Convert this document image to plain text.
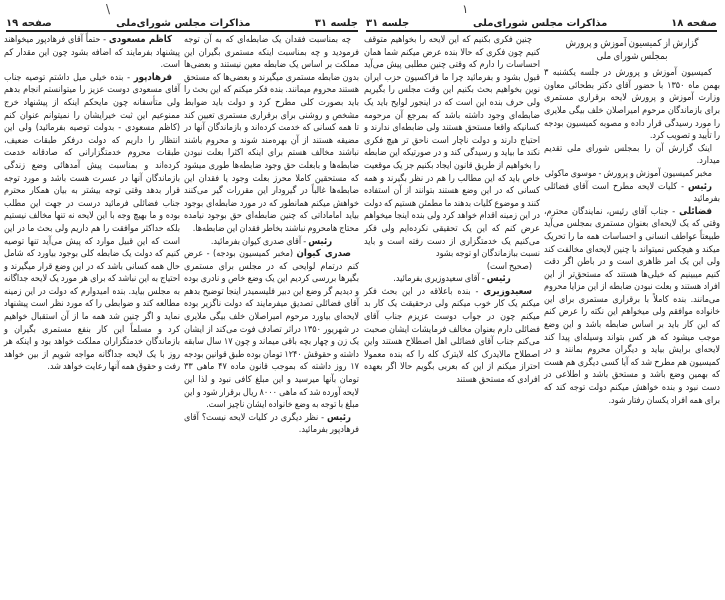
\	۱
جلسه ۳۱
مذاکرات مجلس شورای‌ملی
صفحه ۱۹

چه بمناسبت فقدان یک ضابطه‌ای که به آن توجه فرمودید و چه بمناسبت اینکه مستمری بگیران این مملکت بر اساس یک ضابطه معین نیستند و بعضی‌ها بدون ضابطه مستمری میگیرند و بعضی‌ها که مستحق هستند محروم میمانند. بنده فکر میکنم که این بحث را باید بصورت کلی مطرح کرد و دولت باید ضوابط مشخص و روشنی برای برقراری مستمری تعیین کند تا همه کسانی که خدمت کرده‌اند و بازماندگان آنها در مضیقه هستند از آن بهره‌مند شوند و محروم باشند نباشند مخالف هستم برای اینکه اکثرا بعلت نبودن ضابطه‌ها و بابعلت حق وجود ضابطه‌ها طوری میشود که مستحقین کاملا محرز بعلت وجود یا فقدان این ضابطه‌ها غالباً در گیرودار این مقررات گیر می‌کنند خواهش میکنم همانطور که در مورد ضابطه‌ای بوجود بیاید اماماداتی که چنین ضابطه‌ای حق بوجود نیامده محتاج هامحروم نباشند بخاطر فقدان این ضابطه‌ها.

رئیس - آقای صدری کیوان بفرمائید.

صدری کیوان (مخبر کمیسیون بودجه) - عرض کنم درتمام لوایحی که در مجلس برای مستمری بگیرها بررسی کردیم این یک وضع خاص و نادری بوده و دیدیم گر وضع این دبیر فلیسمیدر اینجا توضیح بدهم آقای فضائلی تصدیق میفرمایند که دولت ناگزیر بوده لایحه‌ای بیاورد مرحوم امیراصلان خلف بیگی ملایری در شهریور ۱۳۵۰ دراثر تصادف فوت می‌کند از ایشان یک زن و چهار بچه باقی میماند و چون ۱۷ سال سابقه داشته و حقوقش ۱۲۴۰ تومان بوده طبق قوانین بودجه ۱۷ روز داشته که بموجب قانون ماده ۴۷ ماهی ۳۳ تومان بآنها میرسید و این مبلغ کافی نبود و لذا این لایحه آورده شد که ماهی ۸۰۰۰ ریال برقرار شود و این مبلغ با توجه به وضع خانواده ایشان ناچیز است.

رئیس - نظر دیگری در کلیات لایحه نیست؟ آقای فرهادپور بفرمائید.

کاظم مسعودی - حتماً آقای فرهادپور میخواهند پیشنهاد بفرمایند که اضافه بشود چون این مقدار کم است.

فرهادپور - بنده خیلی میل داشتم توصیه جناب آقای مسعودی دوست عزیز را میتوانستم انجام بدهم ولی متأسفانه چون مایحکم اینکه از پیشنهاد خرج ممنوعیم این ثبت خیرایشان را نمیتوانم عنوان کنم (کاظم مسعودی - بدولت توصیه بفرمائید) ولی این انتظار را داریم که دولت درفکر طبقات ضعیف، طبقات محروم خدمتگزارانی که صادقانه خدمت کرده‌اند و بمناسبت پیش آمدهائی وضع زندگی بازماندگان آنها در عسرت هست باشد و مورد توجه قرار بدهد وقتی توجه بیشتر به بیان همکار محترم جناب فضائلی فرمائید درست در جهت این مطلب بوده و ما بهیچ وجه با این لایحه نه تنها مخالف نیستیم بلکه حداکثر موافقت را هم داریم ولی بحث ما در این است که این قبیل موارد که پیش می‌آید تنها توصیه کنیم که دولت یک ضابطه کلی بوجود بیاورد که شامل حال همه کسانی باشد که در این وضع قرار میگیرند و احتیاج به این نباشد که برای هر مورد یک لایحه جداگانه به مجلس بیاید. بنده امیدوارم که دولت در این زمینه مطالعه کند و ضوابطی را که مورد نظر است پیشنهاد نماید و اگر چنین شد همه ما از آن استقبال خواهیم کرد و مسلماً این کار بنفع مستمری بگیران و بازماندگان خدمتگزاران مملکت خواهد بود و اینکه هر روز با یک لایحه جداگانه مواجه شویم از بین خواهد رفت و حقوق همه آنها رعایت خواهد شد.

صفحه ۱۸
مذاکرات مجلس شورای‌ملی
جلسه ۳۱

گزارش از کمیسیون آموزش و پرورش

بمجلس شورای ملی

کمیسیون آموزش و پرورش در جلسه یکشنبه ۳ بهمن ماه ۱۳۵۰ با حضور آقای دکتر بطحائی معاون وزارت آموزش و پرورش لایحه برقراری مستمری برای بازماندگان مرحوم امیراصلان خلف بیگی ملایری را مورد رسیدگی قرار داده و مصوبه کمیسیون بودجه را تأیید و تصویب کرد.

اینک گزارش آن را بمجلس شورای ملی تقدیم میدارد.

مخبر کمیسیون آموزش و پرورش - موسوی ماکوئی

رئیس - کلیات لایحه مطرح است آقای فضائلی بفرمائید

فضائلی - جناب آقای رئیس، نمایندگان محترم، وقتی که یک لایحه‌ای بعنوان مستمری بمجلس می‌آید طبیعتاً عواطف انسانی و احساسات همه ما را تحریک میکند و هیچکس نمیتواند با چنین لایحه‌ای مخالفت کند ولی این یک امر ظاهری است و در باطن اگر دقت کنیم میبینیم که خیلی‌ها هستند که مستحق‌تر از این افراد هستند و بعلت نبودن ضابطه از این مزایا محروم می‌مانند. بنده کاملاً با برقراری مستمری برای این خانواده موافقم ولی میخواهم این نکته را عرض کنم که این کار باید بر اساس ضابطه باشد و این وضع موجب میشود که هر کس بتواند وسیله‌ای پیدا کند لایحه‌ای برایش بیاید و دیگران محروم بمانند و در کمیسیون هم مطرح شد که آیا کسی دیگری هم هست که بهمین وضع باشد و مستحق باشد و اطلاعی در دست نبود و بنده خواهش میکنم دولت توجه کند که برای همه افراد یکسان رفتار شود.

چنین فکری بکنیم که این لایحه را بخواهیم متوقف کنیم چون فکری که حالا بنده عرض میکنم شما همان احساسات را دارم که وقتی چنین مطلبی پیش می‌آید قبول بشود و بفرمائید چرا ما فراکسیون حزب ایران نوین بخواهیم بحث بکنیم این وقت مجلس را بگیریم ولی حرف بنده این است که در اینجور لوایح باید یک ضابطه‌ای وجود داشته باشد که بمرجع آن مرحومه کسانیکه واقعا مستحق هستند ولی ضابطه‌ای ندارند و احتیاج دارند و دولت ناچار است ناحق تر هیچ فکری نکند ما بیاید و رسیدگی کند و در صورتیکه این ضابطه را بخواهیم از طریق قانون ایجاد بکنیم جز یک موقعیت خاص باید که این مطالب را هم در نظر بگیرند و همه کسانی که در این وضع هستند بتوانند از آن استفاده کنند و موضوع کلیات بدهند ما مطمئن هستیم که دولت در این زمینه اقدام خواهد کرد ولی بنده اینجا میخواهم عرض کنم که این یک تحقیقی نکرده‌ایم ولی فکر می‌کنیم یک خدمتگزاری از دست رفته است و باید نسبت ببازماندگان او توجه بشود

(صحیح است)

رئیس - آقای سعیدوزیری بفرمائید.

سعیدوزیری - بنده باعلاقه در این بحث فکر میکنم یک کار خوب میکنم ولی درحقیقت یک کار بد میکنم چون در جواب دوست عزیزم جناب آقای فضائلی دارم بعنوان مخالف فرمایشات ایشان صحبت می‌کنم جناب آقای فضائلی اهل اصطلاح هستند واین اصطلاح مالایدرک کله لایترک کله را که بنده معمولا احتراز میکنم از این که بعربی بگویم حالا اگر بعهده افرادی که مستحق هستند
